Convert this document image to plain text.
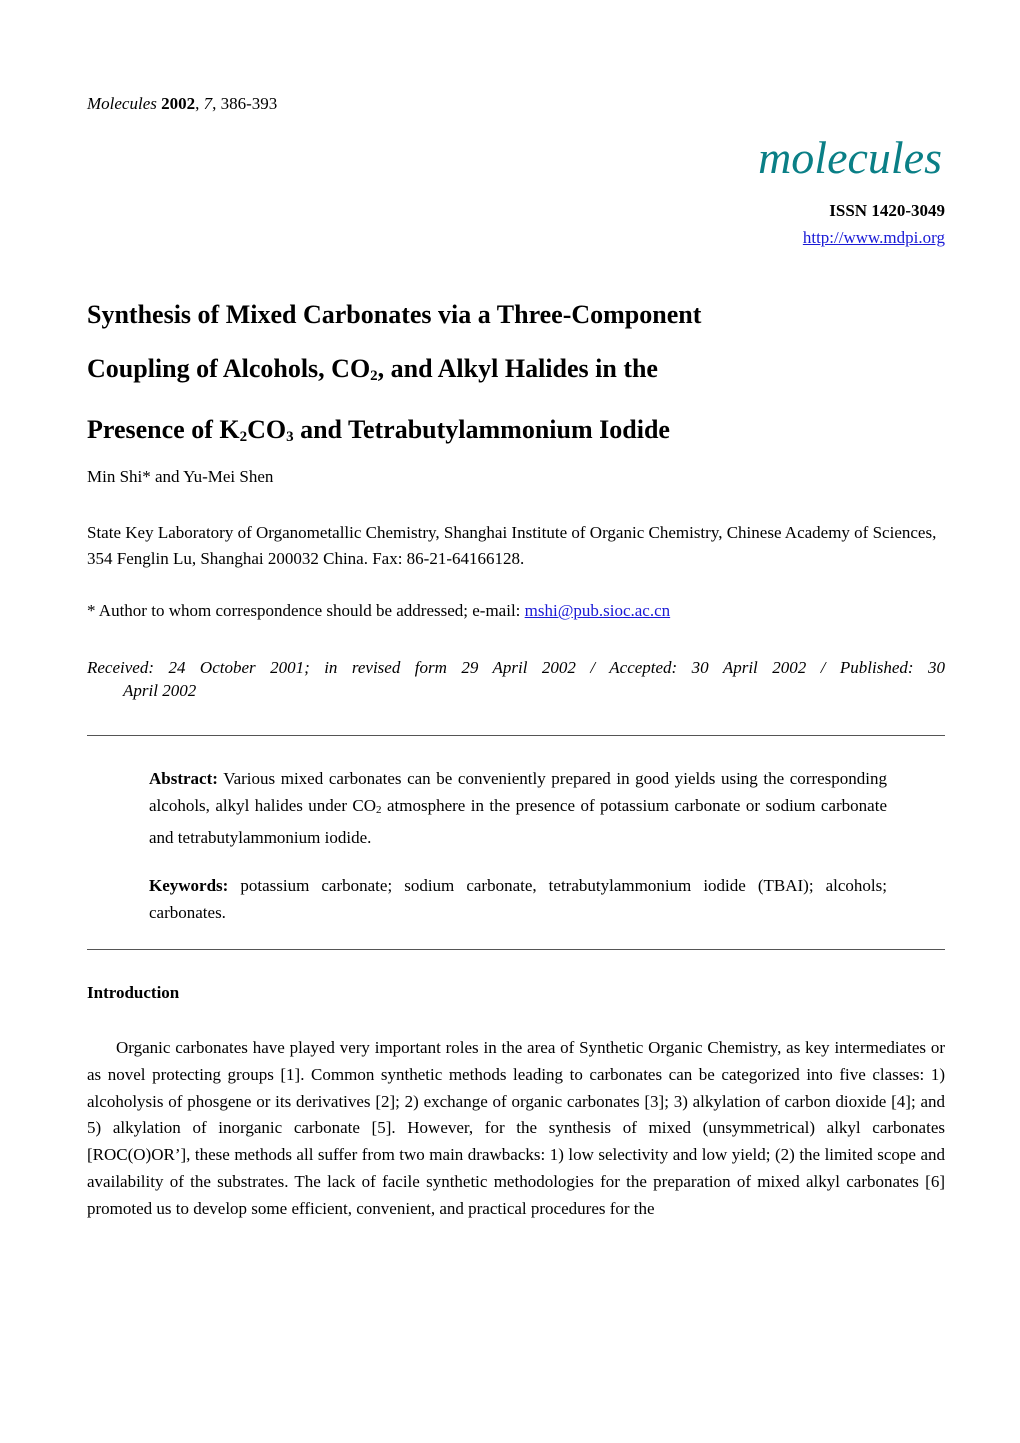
Molecules 2002, 7, 386-393
molecules
ISSN 1420-3049
http://www.mdpi.org
Synthesis of Mixed Carbonates via a Three-Component
Coupling of Alcohols, $CO_2$, and Alkyl Halides in the
Presence of $K_2CO_3$ and Tetrabutylammonium Iodide
Min Shi* and Yu-Mei Shen
State Key Laboratory of Organometallic Chemistry, Shanghai Institute of Organic Chemistry, Chinese Academy of Sciences, 354 Fenglin Lu, Shanghai 200032 China. Fax: 86-21-64166128.
* Author to whom correspondence should be addressed; e-mail: mshi@pub.sioc.ac.cn
Received: 24 October 2001; in revised form 29 April 2002 / Accepted: 30 April 2002 / Published: 30
April 2002
Abstract: Various mixed carbonates can be conveniently prepared in good yields using the corresponding alcohols, alkyl halides under $CO_2$ atmosphere in the presence of potassium carbonate or sodium carbonate and tetrabutylammonium iodide.
Keywords: potassium carbonate; sodium carbonate, tetrabutylammonium iodide (TBAI); alcohols; carbonates.
Introduction
Organic carbonates have played very important roles in the area of Synthetic Organic Chemistry, as key intermediates or as novel protecting groups [1]. Common synthetic methods leading to carbonates can be categorized into five classes: 1) alcoholysis of phosgene or its derivatives [2]; 2) exchange of organic carbonates [3]; 3) alkylation of carbon dioxide [4]; and 5) alkylation of inorganic carbonate [5]. However, for the synthesis of mixed (unsymmetrical) alkyl carbonates [ROC(O)OR’], these methods all suffer from two main drawbacks: 1) low selectivity and low yield; (2) the limited scope and availability of the substrates. The lack of facile synthetic methodologies for the preparation of mixed alkyl carbonates [6] promoted us to develop some efficient, convenient, and practical procedures for the
